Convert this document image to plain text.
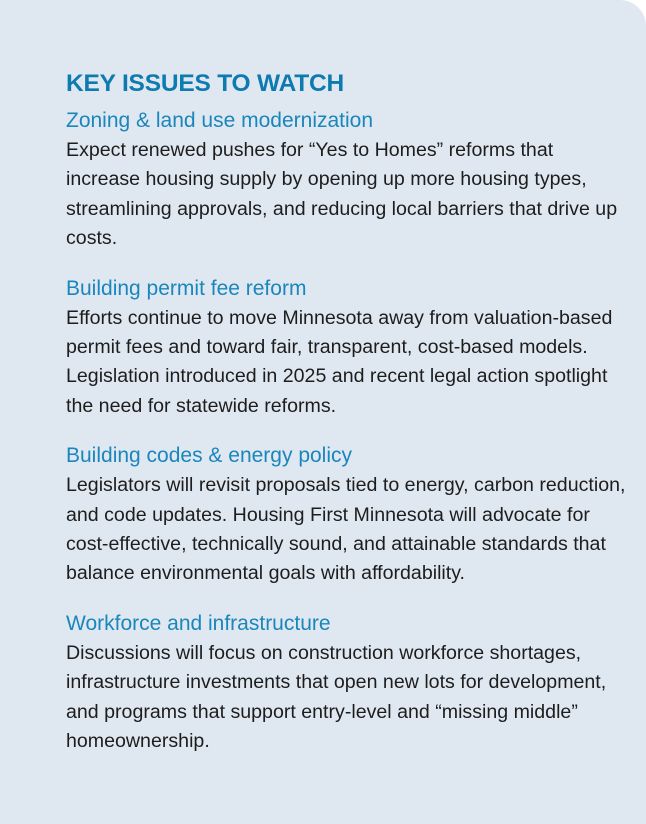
KEY ISSUES TO WATCH
Zoning & land use modernization

Expect renewed pushes for “Yes to Homes” reforms that increase housing supply by opening up more housing types, streamlining approvals, and reducing local barriers that drive up costs.

Building permit fee reform

Efforts continue to move Minnesota away from valuation-based permit fees and toward fair, transparent, cost-based models. Legislation introduced in 2025 and recent legal action spotlight the need for statewide reforms.

Building codes & energy policy

Legislators will revisit proposals tied to energy, carbon reduction, and code updates. Housing First Minnesota will advocate for cost-effective, technically sound, and attainable standards that balance environmental goals with affordability.

Workforce and infrastructure

Discussions will focus on construction workforce shortages, infrastructure investments that open new lots for development, and programs that support entry-level and “missing middle” homeownership.
